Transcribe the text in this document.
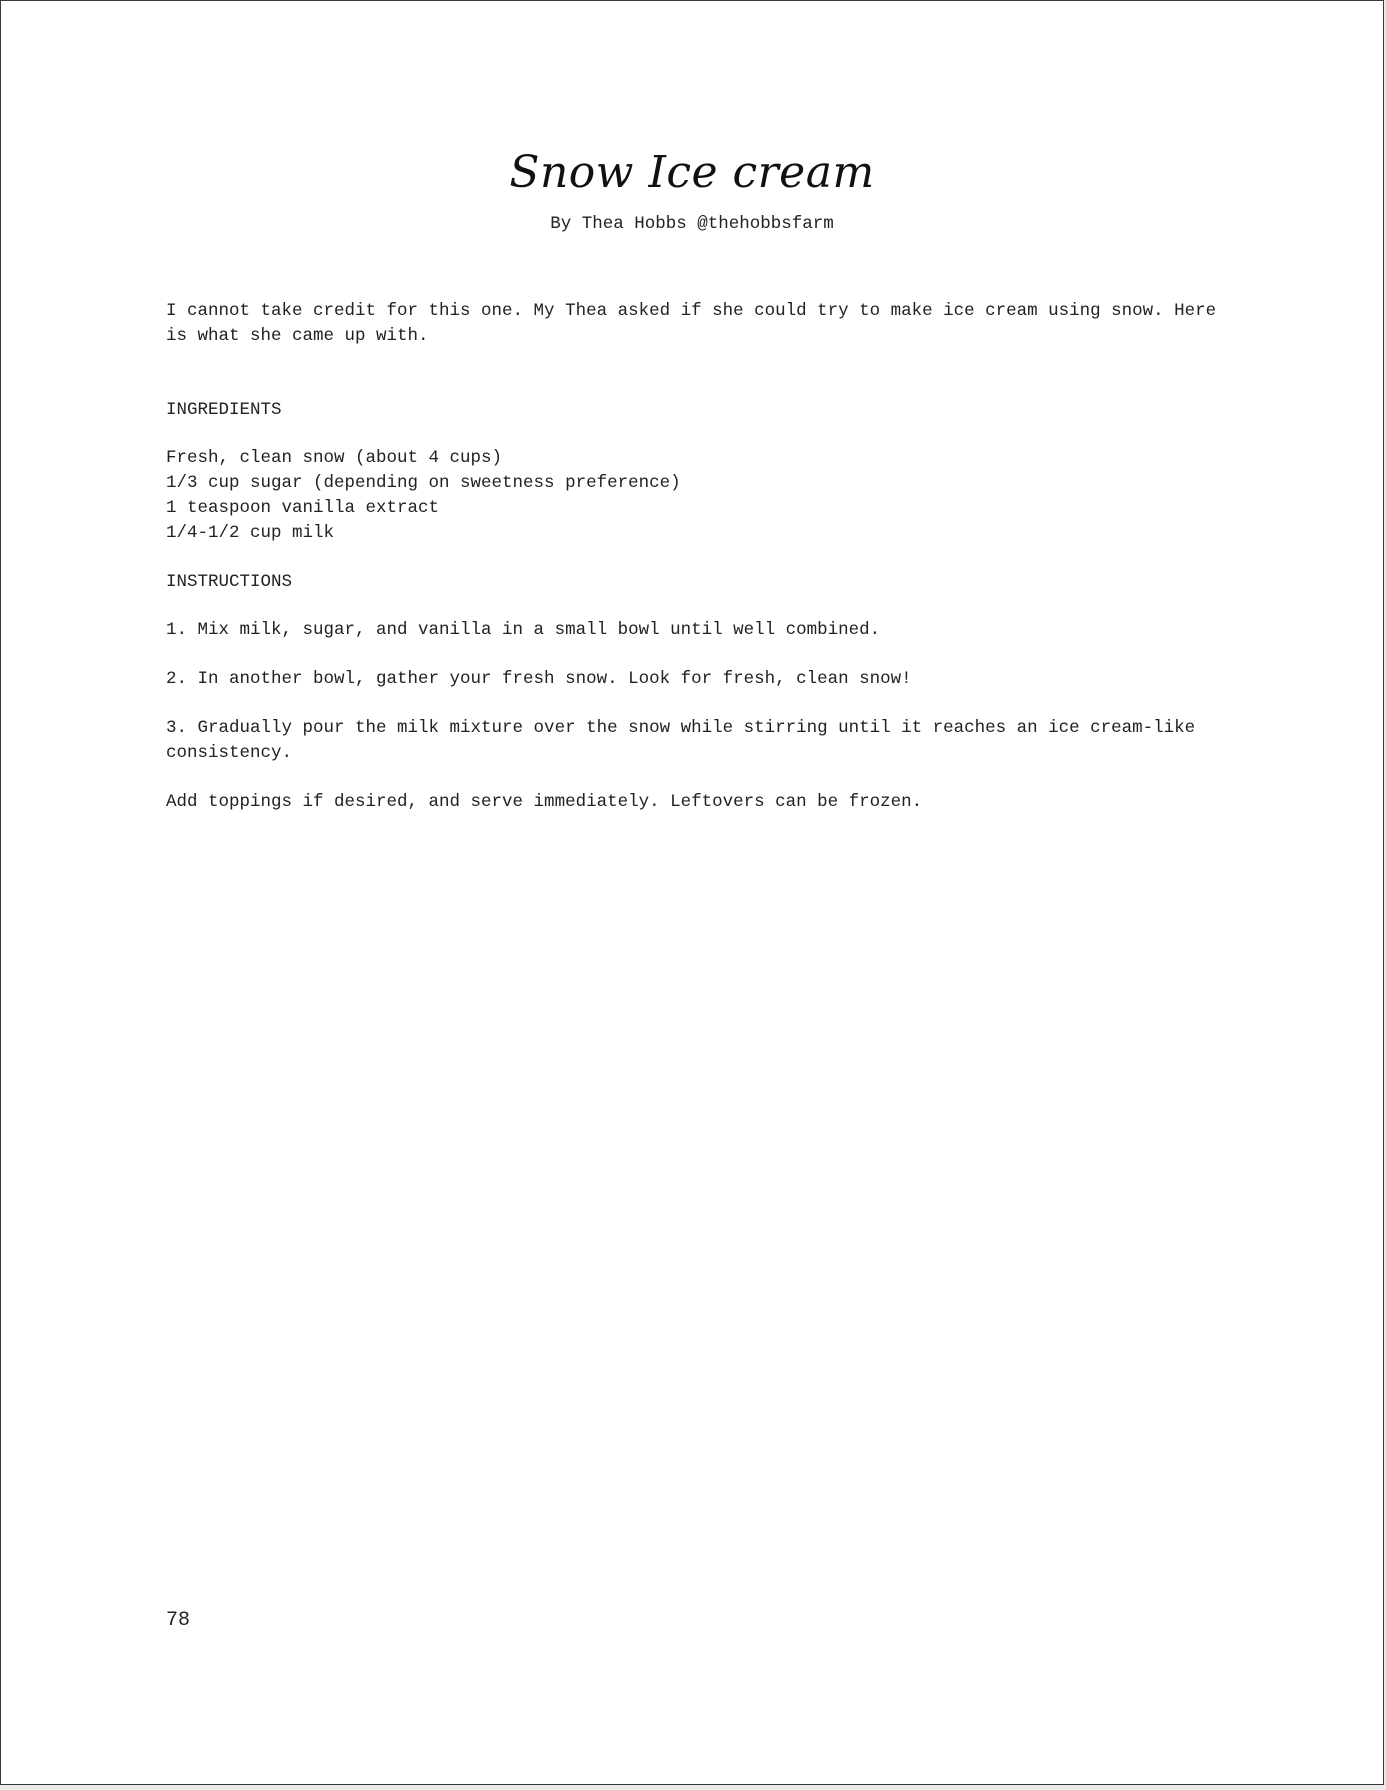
Snow Ice cream
By Thea Hobbs @thehobbsfarm

I cannot take credit for this one. My Thea asked if she could try to make ice cream using snow. Here is what she came up with.

INGREDIENTS

Fresh, clean snow (about 4 cups)
1/3 cup sugar (depending on sweetness preference)
1 teaspoon vanilla extract
1/4-1/2 cup milk

INSTRUCTIONS

1. Mix milk, sugar, and vanilla in a small bowl until well combined.

2. In another bowl, gather your fresh snow. Look for fresh, clean snow!

3. Gradually pour the milk mixture over the snow while stirring until it reaches an ice cream-like consistency.

Add toppings if desired, and serve immediately. Leftovers can be frozen.

78
